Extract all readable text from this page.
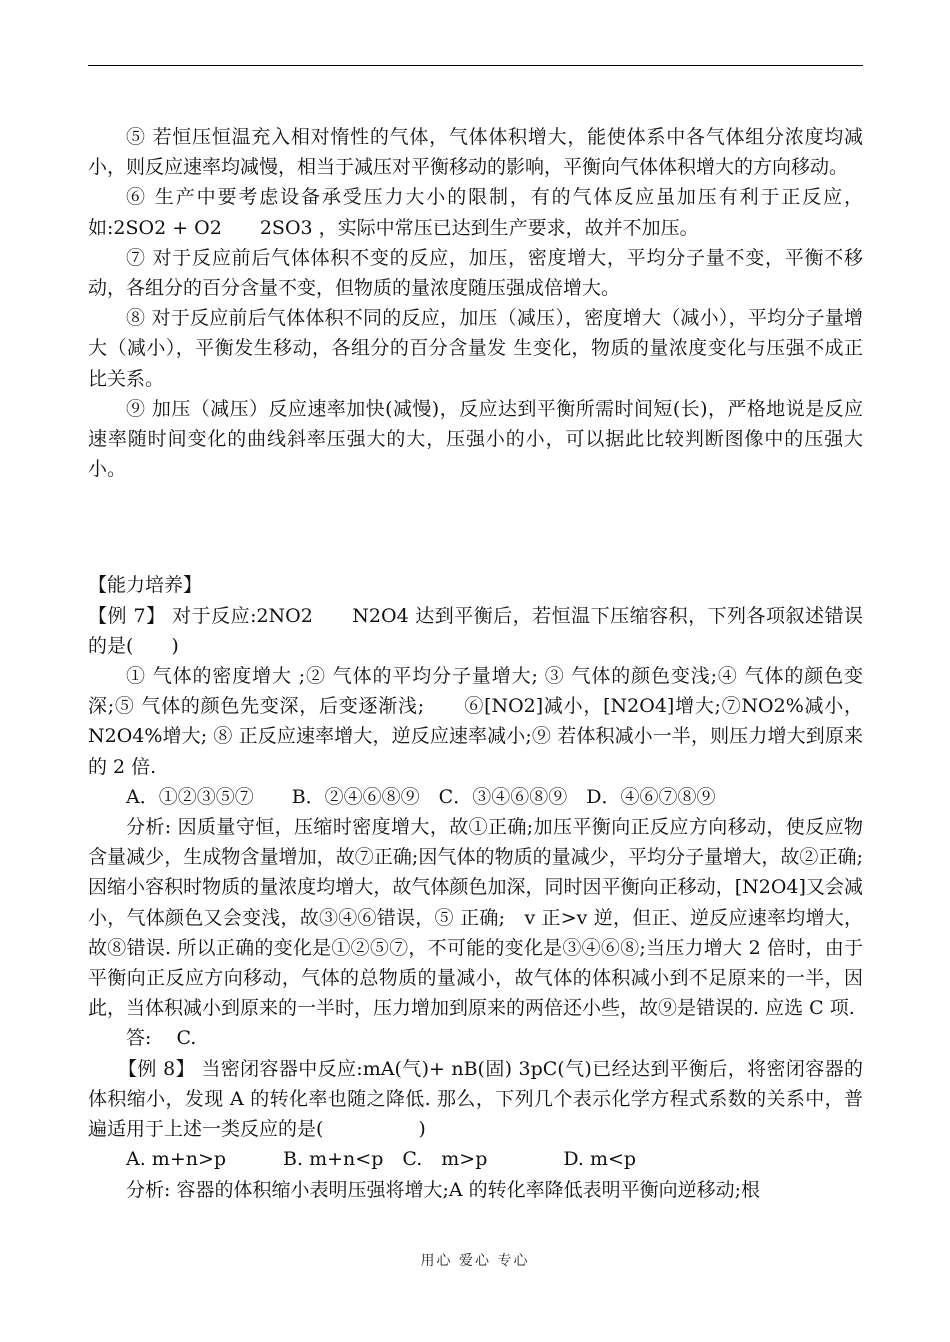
⑤ 若恒压恒温充入相对惰性的气体，气体体积增大，能使体系中各气体组分浓度均减小，则反应速率均减慢，相当于减压对平衡移动的影响，平衡向气体体积增大的方向移动。

⑥ 生产中要考虑设备承受压力大小的限制，有的气体反应虽加压有利于正反应，如:2SO2 + O2　　2SO3 ，实际中常压已达到生产要求，故并不加压。

⑦ 对于反应前后气体体积不变的反应，加压，密度增大，平均分子量不变，平衡不移动，各组分的百分含量不变，但物质的量浓度随压强成倍增大。

⑧ 对于反应前后气体体积不同的反应，加压（减压），密度增大（减小），平均分子量增大（减小），平衡发生移动，各组分的百分含量发 生变化，物质的量浓度变化与压强不成正比关系。

⑨ 加压（减压）反应速率加快(减慢)，反应达到平衡所需时间短(长)，严格地说是反应速率随时间变化的曲线斜率压强大的大，压强小的小，可以据此比较判断图像中的压强大小。

【能力培养】

【例 7】 对于反应:2NO2　　N2O4 达到平衡后，若恒温下压缩容积，下列各项叙述错误的是(　　)

① 气体的密度增大 ;② 气体的平均分子量增大; ③ 气体的颜色变浅;④ 气体的颜色变深;⑤ 气体的颜色先变深，后变逐渐浅;　　⑥[NO2]减小，[N2O4]增大;⑦NO2%减小，N2O4%增大; ⑧ 正反应速率增大，逆反应速率减小;⑨ 若体积减小一半，则压力增大到原来的 2 倍.

A．①②③⑤⑦　　B．②④⑥⑧⑨　C．③④⑥⑧⑨　D．④⑥⑦⑧⑨

分析: 因质量守恒，压缩时密度增大，故①正确;加压平衡向正反应方向移动，使反应物含量减少，生成物含量增加，故⑦正确;因气体的物质的量减少，平均分子量增大，故②正确;因缩小容积时物质的量浓度均增大，故气体颜色加深，同时因平衡向正移动，[N2O4]又会减小，气体颜色又会变浅，故③④⑥错误，⑤ 正确;　v 正>v 逆，但正、逆反应速率均增大，故⑧错误. 所以正确的变化是①②⑤⑦，不可能的变化是③④⑥⑧;当压力增大 2 倍时，由于平衡向正反应方向移动，气体的总物质的量减小，故气体的体积减小到不足原来的一半，因此，当体积减小到原来的一半时，压力增加到原来的两倍还小些，故⑨是错误的. 应选 C 项.

答:　 C.

【例 8】 当密闭容器中反应:mA(气)+ nB(固) 3pC(气)已经达到平衡后，将密闭容器的体积缩小，发现 A 的转化率也随之降低. 那么，下列几个表示化学方程式系数的关系中，普遍适用于上述一类反应的是(　　　　　)

A. m+n>p　　　B. m+n<p　C.　m>p　　　　D. m<p

分析: 容器的体积缩小表明压强将增大;A 的转化率降低表明平衡向逆移动;根

用心 爱心 专心
